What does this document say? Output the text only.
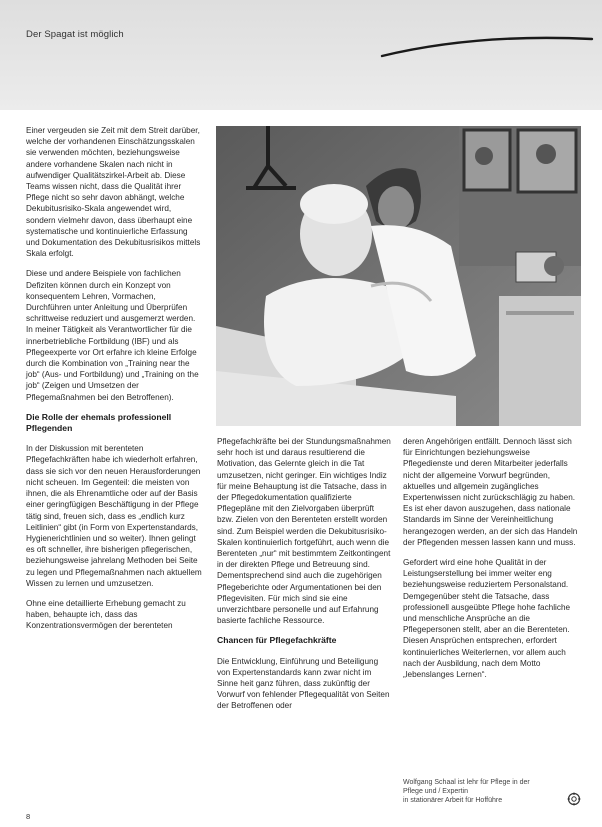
Der Spagat ist möglich

Einer vergeuden sie Zeit mit dem Streit darüber, welche der vorhandenen Einschätzungsskalen sie verwenden möchten, beziehungsweise andere vorhandene Skalen nach nicht in aufwendiger Qualitätszirkel-Arbeit ab. Diese Teams wissen nicht, dass die Qualität ihrer Pflege nicht so sehr davon abhängt, welche Dekubitusrisiko-Skala angewendet wird, sondern vielmehr davon, dass überhaupt eine systematische und kontinuierliche Erfassung und Dokumentation des Dekubitusrisikos mittels Skala erfolgt.

Diese und andere Beispiele von fachlichen Defiziten können durch ein Konzept von konsequentem Lehren, Vormachen, Durchführen unter Anleitung und Überprüfen schrittweise reduziert und ausgemerzt werden. In meiner Tätigkeit als Verantwortlicher für die innerbetriebliche Fortbildung (IBF) und als Pflegeexperte vor Ort erfahre ich kleine Erfolge durch die Kombination von „Training near the job“ (Aus- und Fortbildung) und „Training on the job“ (Zeigen und Umsetzen der Pflegemaßnahmen bei den Betroffenen).

Die Rolle der ehemals professionell Pflegenden

In der Diskussion mit berenteten Pflegefachkräften habe ich wiederholt erfahren, dass sie sich vor den neuen Herausforderungen nicht scheuen. Im Gegenteil: die meisten von ihnen, die als Ehrenamtliche oder auf der Basis einer geringfügigen Beschäftigung in der Pflege tätig sind, freuen sich, dass es „endlich kurz Leitlinien“ gibt (in Form von Expertenstandards, Hygienerichtlinien und so weiter). Ihnen gelingt es oft schneller, ihre bisherigen pflegerischen, beziehungsweise jahrelang Methoden bei Seite zu legen und Pflegemaßnahmen nach aktuellem Wissen zu lernen und umzusetzen.

Ohne eine detaillierte Erhebung gemacht zu haben, behaupte ich, dass das Konzentrationsvermögen der berenteten

Pflegefachkräfte bei der Stundungsmaßnahmen sehr hoch ist und daraus resultierend die Motivation, das Gelernte gleich in die Tat umzusetzen, nicht geringer. Ein wichtiges Indiz für meine Behauptung ist die Tatsache, dass in der Pflegedokumentation qualifizierte Pflegepläne mit den Zielvorgaben überprüft bzw. Zielen von den Berenteten erstellt worden sind. Zum Beispiel werden die Dekubitusrisiko-Skalen kontinuierlich fortgeführt, auch wenn die Berenteten „nur“ mit bestimmtem Zeitkontingent in der direkten Pflege und Betreuung sind. Dementsprechend sind auch die zugehörigen Pflegeberichte oder Argumentationen bei den Pflegevisiten. Für mich sind sie eine unverzichtbare personelle und auf Erfahrung basierte fachliche Ressource.

Chancen für Pflegefachkräfte

Die Entwicklung, Einführung und Beteiligung von Expertenstandards kann zwar nicht im Sinne heit ganz führen, dass zukünftig der Vorwurf von fehlender Pflegequalität von Seiten der Betroffenen oder

deren Angehörigen entfällt. Dennoch lässt sich für Einrichtungen beziehungsweise Pflegedienste und deren Mitarbeiter jederfalls nicht der allgemeine Vorwurf begründen, aktuelles und allgemein zugängliches Expertenwissen nicht zurückschlägig zu haben. Es ist eher davon auszugehen, dass nationale Standards im Sinne der Vereinheitlichung herangezogen werden, an der sich das Handeln der Pflegenden messen lassen kann und muss.

Gefordert wird eine hohe Qualität in der Leistungserstellung bei immer weiter eng beziehungsweise reduziertem Personalstand. Demgegenüber steht die Tatsache, dass professionell ausgeübte Pflege hohe fachliche und menschliche Ansprüche an die Pflegepersonen stellt, aber an die Berenteten. Diesen Ansprüchen entsprechen, erfordert kontinuierliches Weiterlernen, vor allem auch nach der Ausbildung, nach dem Motto „lebenslanges Lernen“.

Wolfgang Schaal ist lehr für Pflege in der
Pflege und / Expertin
in stationärer Arbeit für Hofführe
8
